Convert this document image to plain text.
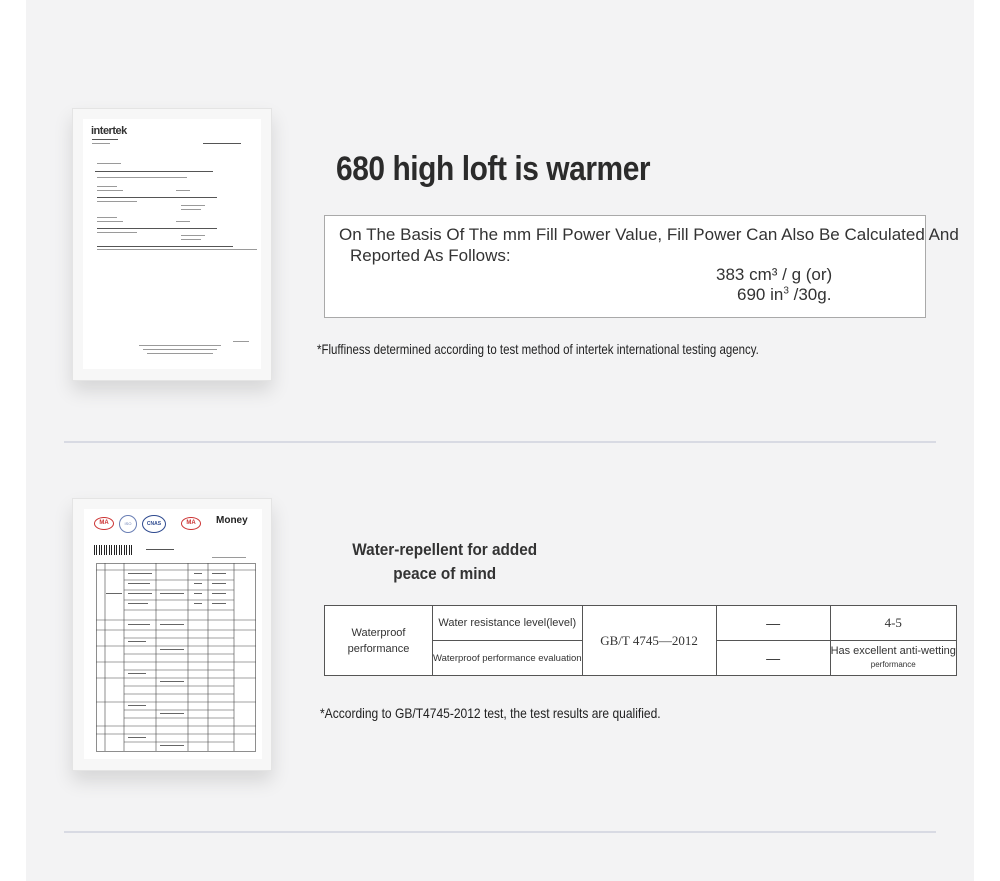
intertek
680 high loft is warmer
On The Basis Of The mm Fill Power Value, Fill Power Can Also Be Calculated And
Reported As Follows:
383 cm³ / g (or)
690 $in^3$ /30g.
*Fluffiness determined according to test method of intertek international testing agency.
MA	ISO	CNAS	MA	Money
Water-repellent for added peace of mind
Waterproof performance	Water resistance level(level)	GB/T 4745—2012	—	4-5
	Waterproof performance evaluation		—	Has excellent anti-wetting
performance
*According to GB/T4745-2012 test, the test results are qualified.
